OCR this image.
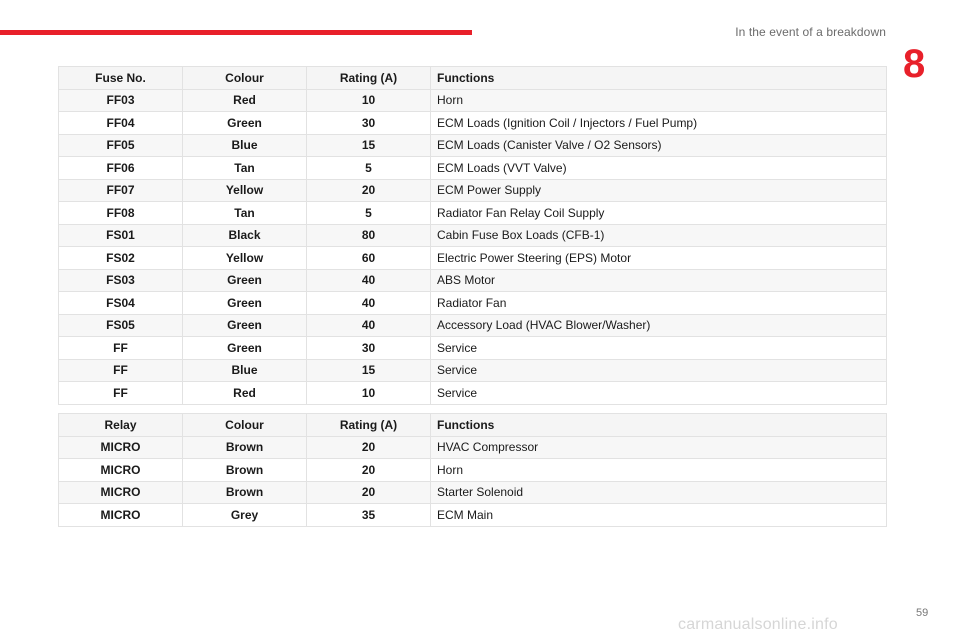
In the event of a breakdown
8
Fuse No.	Colour	Rating (A)	Functions
FF03	Red	10	Horn
FF04	Green	30	ECM Loads (Ignition Coil / Injectors / Fuel Pump)
FF05	Blue	15	ECM Loads (Canister Valve / O2 Sensors)
FF06	Tan	5	ECM Loads (VVT Valve)
FF07	Yellow	20	ECM Power Supply
FF08	Tan	5	Radiator Fan Relay Coil Supply
FS01	Black	80	Cabin Fuse Box Loads (CFB-1)
FS02	Yellow	60	Electric Power Steering (EPS) Motor
FS03	Green	40	ABS Motor
FS04	Green	40	Radiator Fan
FS05	Green	40	Accessory Load (HVAC Blower/Washer)
FF	Green	30	Service
FF	Blue	15	Service
FF	Red	10	Service
Relay	Colour	Rating (A)	Functions
MICRO	Brown	20	HVAC Compressor
MICRO	Brown	20	Horn
MICRO	Brown	20	Starter Solenoid
MICRO	Grey	35	ECM Main
59
carmanualsonline.info
